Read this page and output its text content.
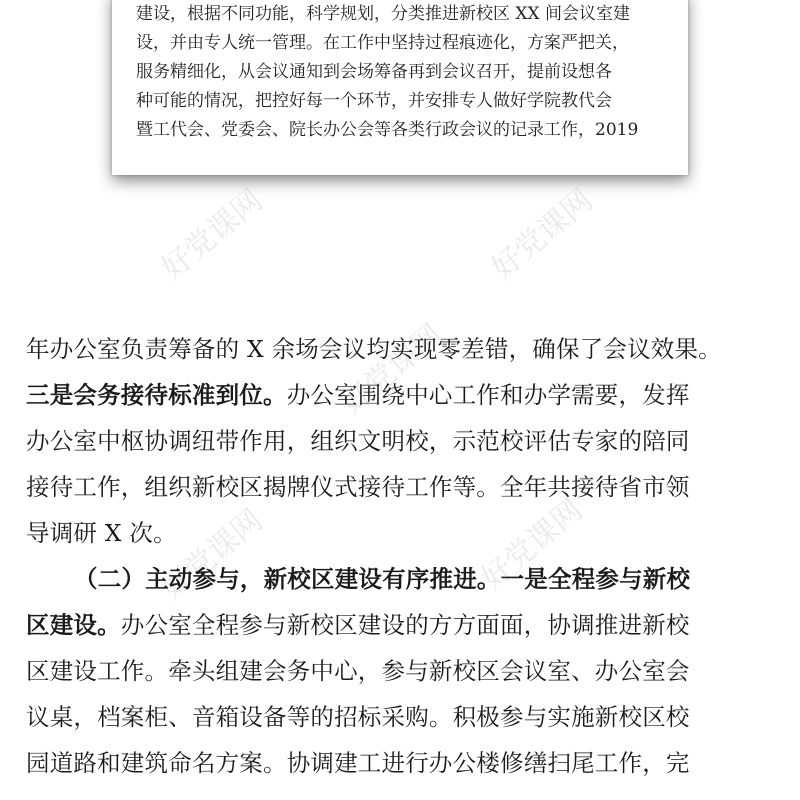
建设，根据不同功能，科学规划，分类推进新校区 XX 间会议室建
设，并由专人统一管理。在工作中坚持过程痕迹化，方案严把关，
服务精细化，从会议通知到会场筹备再到会议召开，提前设想各
种可能的情况，把控好每一个环节，并安排专人做好学院教代会
暨工代会、党委会、院长办公会等各类行政会议的记录工作，2019
好党课网	好党课网
好党课网
好党课网	好党课网
年办公室负责筹备的 X 余场会议均实现零差错，确保了会议效果。
三是会务接待标准到位。办公室围绕中心工作和办学需要，发挥
办公室中枢协调纽带作用，组织文明校，示范校评估专家的陪同
接待工作，组织新校区揭牌仪式接待工作等。全年共接待省市领
导调研 X 次。
（二）主动参与，新校区建设有序推进。一是全程参与新校
区建设。办公室全程参与新校区建设的方方面面，协调推进新校
区建设工作。牵头组建会务中心，参与新校区会议室、办公室会
议桌，档案柜、音箱设备等的招标采购。积极参与实施新校区校
园道路和建筑命名方案。协调建工进行办公楼修缮扫尾工作，完
